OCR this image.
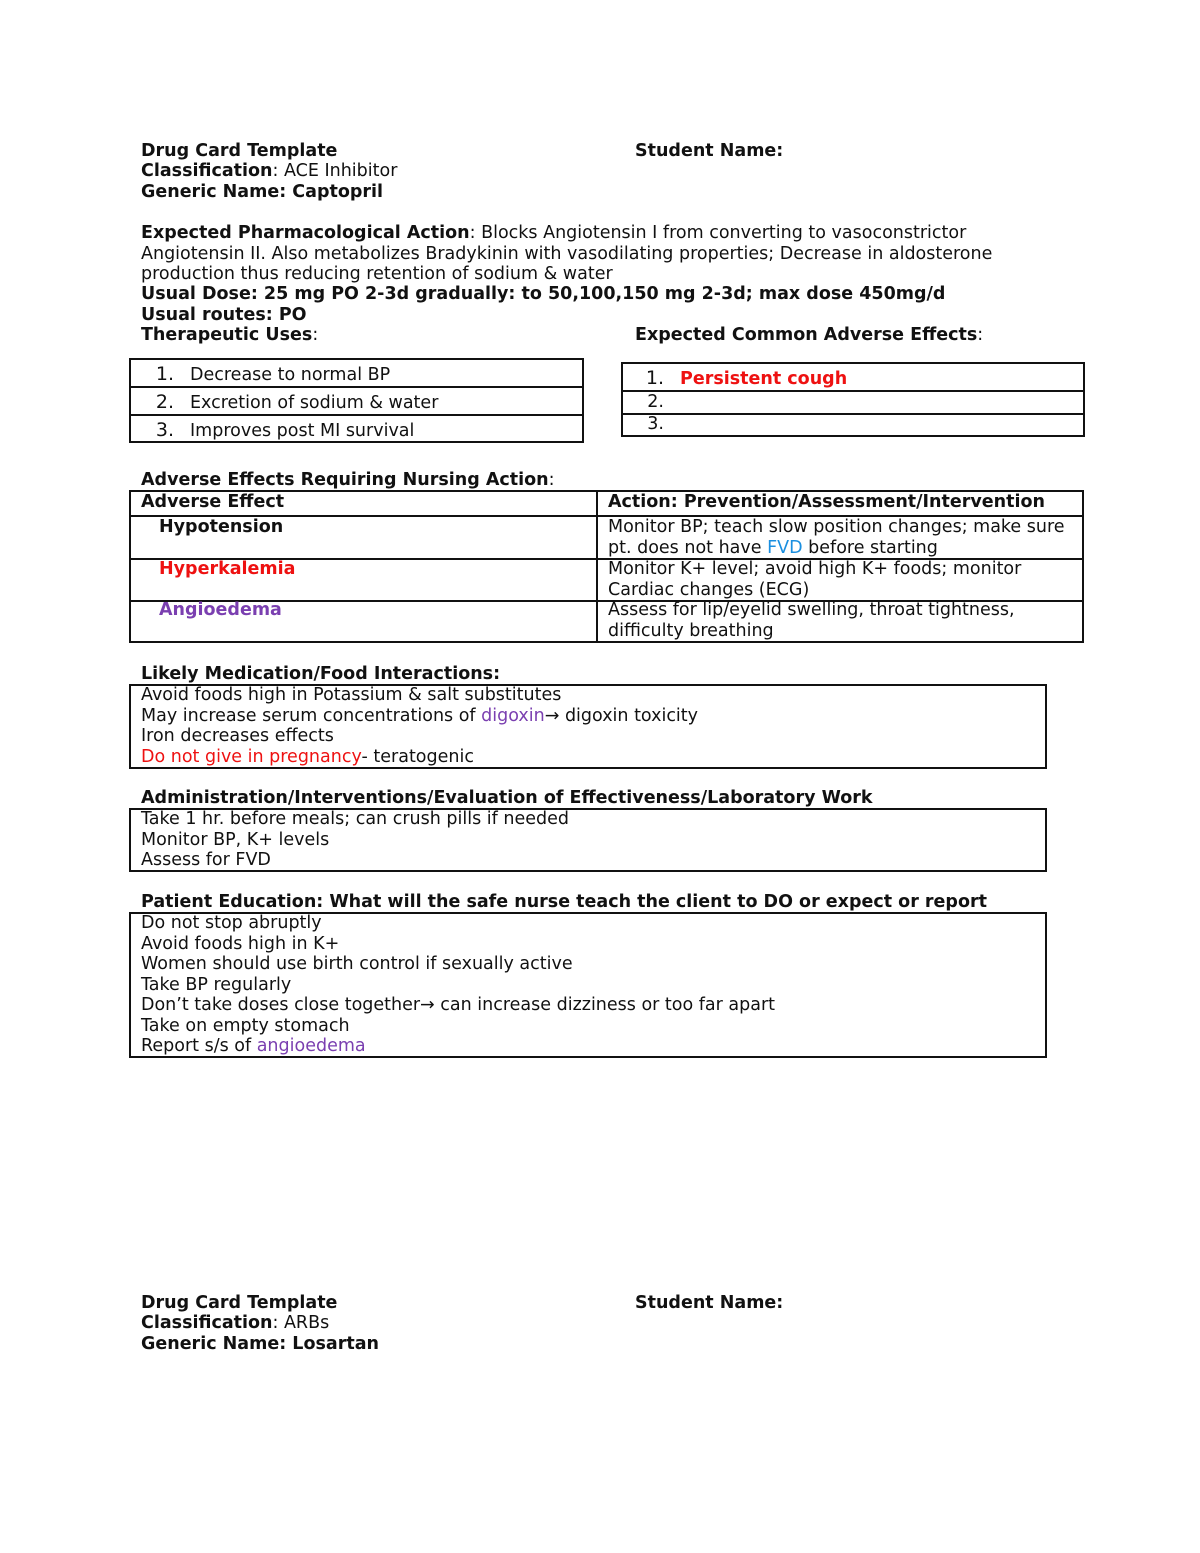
Drug Card Template	Student Name:
Classification: ACE Inhibitor
Generic Name: Captopril
Expected Pharmacological Action: Blocks Angiotensin I from converting to vasoconstrictor
Angiotensin II. Also metabolizes Bradykinin with vasodilating properties; Decrease in aldosterone
production thus reducing retention of sodium & water
Usual Dose: 25 mg PO 2-3d gradually: to 50,100,150 mg 2-3d; max dose 450mg/d
Usual routes: PO
Therapeutic Uses:	Expected Common Adverse Effects:
1. Decrease to normal BP
2. Excretion of sodium & water
3. Improves post MI survival
1. Persistent cough
2.
3.
Adverse Effects Requiring Nursing Action:
Adverse Effect	Action: Prevention/Assessment/Intervention
Hypotension	Monitor BP; teach slow position changes; make sure
pt. does not have FVD before starting
Hyperkalemia	Monitor K+ level; avoid high K+ foods; monitor
Cardiac changes (ECG)
Angioedema	Assess for lip/eyelid swelling, throat tightness,
difficulty breathing
Likely Medication/Food Interactions:
Avoid foods high in Potassium & salt substitutes
May increase serum concentrations of digoxin→ digoxin toxicity
Iron decreases effects
Do not give in pregnancy- teratogenic
Administration/Interventions/Evaluation of Effectiveness/Laboratory Work
Take 1 hr. before meals; can crush pills if needed
Monitor BP, K+ levels
Assess for FVD
Patient Education: What will the safe nurse teach the client to DO or expect or report
Do not stop abruptly
Avoid foods high in K+
Women should use birth control if sexually active
Take BP regularly
Don’t take doses close together→ can increase dizziness or too far apart
Take on empty stomach
Report s/s of angioedema
Drug Card Template	Student Name:
Classification: ARBs
Generic Name: Losartan
